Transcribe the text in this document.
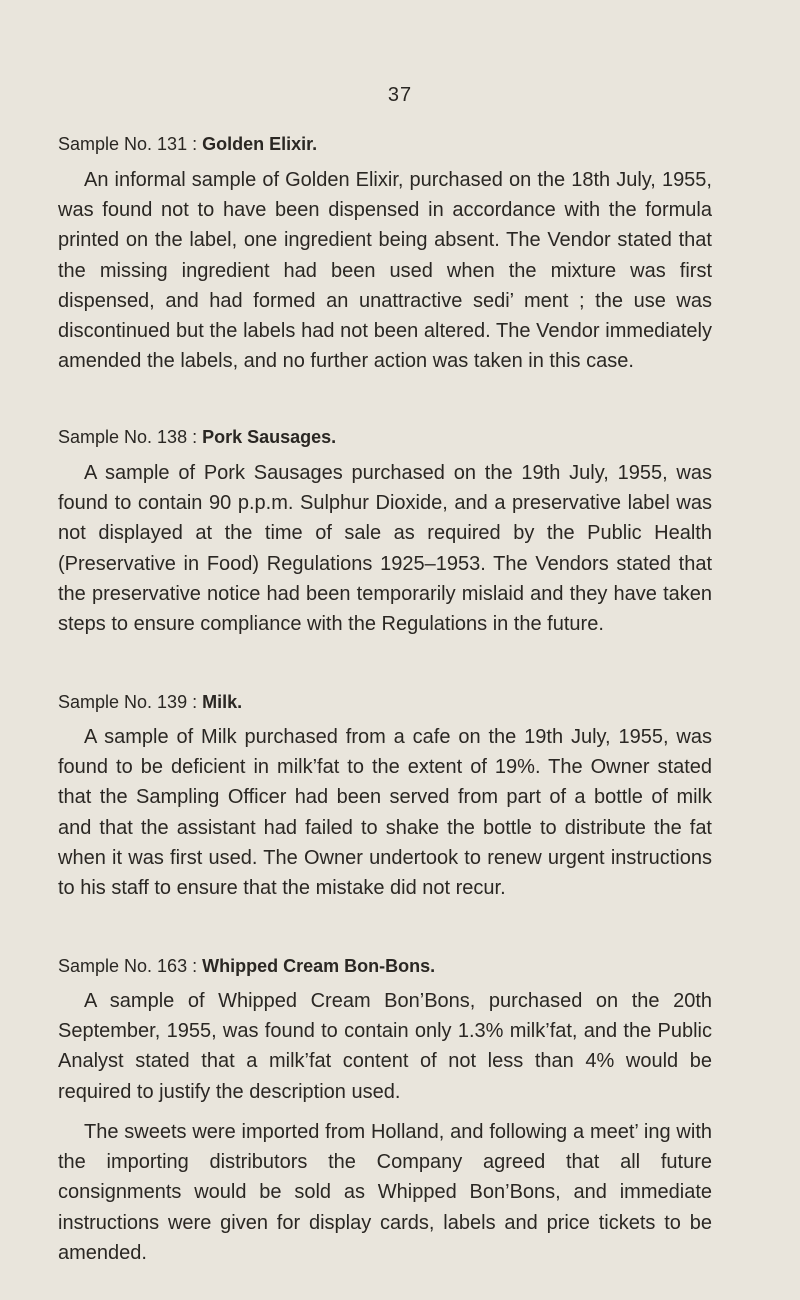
37
Sample No. 131 : Golden Elixir.

An informal sample of Golden Elixir, purchased on the 18th July, 1955, was found not to have been dispensed in accordance with the formula printed on the label, one ingredient being absent. The Vendor stated that the missing ingredient had been used when the mixture was first dispensed, and had formed an unattractive sedi’ ment ; the use was discontinued but the labels had not been altered. The Vendor immediately amended the labels, and no further action was taken in this case.

Sample No. 138 : Pork Sausages.

A sample of Pork Sausages purchased on the 19th July, 1955, was found to contain 90 p.p.m. Sulphur Dioxide, and a preservative label was not displayed at the time of sale as required by the Public Health (Preservative in Food) Regulations 1925–1953. The Vendors stated that the preservative notice had been temporarily mislaid and they have taken steps to ensure compliance with the Regulations in the future.

Sample No. 139 : Milk.

A sample of Milk purchased from a cafe on the 19th July, 1955, was found to be deficient in milk’fat to the extent of 19%. The Owner stated that the Sampling Officer had been served from part of a bottle of milk and that the assistant had failed to shake the bottle to distribute the fat when it was first used. The Owner undertook to renew urgent instructions to his staff to ensure that the mistake did not recur.

Sample No. 163 : Whipped Cream Bon-Bons.

A sample of Whipped Cream Bon’Bons, purchased on the 20th September, 1955, was found to contain only 1.3% milk’fat, and the Public Analyst stated that a milk’fat content of not less than 4% would be required to justify the description used.

The sweets were imported from Holland, and following a meet’ ing with the importing distributors the Company agreed that all future consignments would be sold as Whipped Bon’Bons, and immediate instructions were given for display cards, labels and price tickets to be amended.
